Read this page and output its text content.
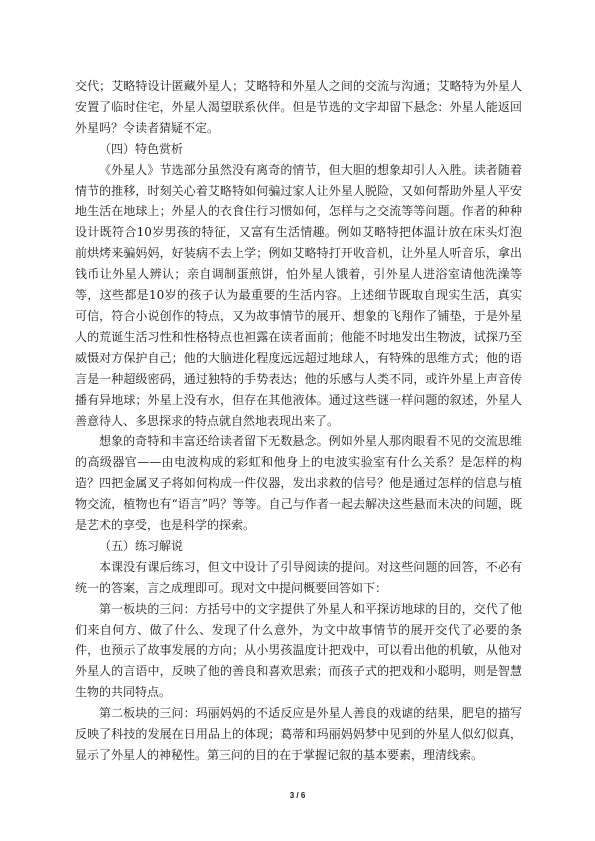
交代；艾略特设计匿藏外星人；艾略特和外星人之间的交流与沟通；艾略特为外星人安置了临时住宅，外星人渴望联系伙伴。但是节选的文字却留下悬念：外星人能返回外星吗？令读者猜疑不定。

（四）特色赏析

《外星人》节选部分虽然没有离奇的情节，但大胆的想象却引人入胜。读者随着情节的推移，时刻关心着艾略特如何骗过家人让外星人脱险，又如何帮助外星人平安地生活在地球上；外星人的衣食住行习惯如何，怎样与之交流等等问题。作者的种种设计既符合10岁男孩的特征，又富有生活情趣。例如艾略特把体温计放在床头灯泡前烘烤来骗妈妈，好装病不去上学；例如艾略特打开收音机，让外星人听音乐，拿出钱币让外星人辨认；亲自调制蛋煎饼，怕外星人饿着，引外星人进浴室请他洗澡等等，这些都是10岁的孩子认为最重要的生活内容。上述细节既取自现实生活，真实可信，符合小说创作的特点，又为故事情节的展开、想象的飞翔作了铺垫，于是外星人的荒诞生活习性和性格特点也袒露在读者面前；他能不时地发出生物波，试探乃至威慑对方保护自己；他的大脑进化程度远远超过地球人，有特殊的思维方式；他的语言是一种超级密码，通过独特的手势表达；他的乐感与人类不同，或许外星上声音传播有异地球；外星上没有水，但存在其他液体。通过这些谜一样问题的叙述，外星人善意待人、多思探求的特点就自然地表现出来了。

想象的奇特和丰富还给读者留下无数悬念。例如外星人那肉眼看不见的交流思维的高级器官——由电波构成的彩虹和他身上的电波实验室有什么关系？是怎样的构造？四把金属叉子将如何构成一件仪器，发出求救的信号？他是通过怎样的信息与植物交流，植物也有“语言”吗？等等。自己与作者一起去解决这些悬而未决的问题，既是艺术的享受，也是科学的探索。

（五）练习解说

本课没有课后练习，但文中设计了引导阅读的提问。对这些问题的回答，不必有统一的答案，言之成理即可。现对文中提问概要回答如下：

第一板块的三问：方括号中的文字提供了外星人和平探访地球的目的，交代了他们来自何方、做了什么、发现了什么意外，为文中故事情节的展开交代了必要的条件，也预示了故事发展的方向；从小男孩温度计把戏中，可以看出他的机敏，从他对外星人的言语中，反映了他的善良和喜欢思索；而孩子式的把戏和小聪明，则是智慧生物的共同特点。

第二板块的三问：玛丽妈妈的不适反应是外星人善良的戏谑的结果，肥皂的描写反映了科技的发展在日用品上的体现；葛蒂和玛丽妈妈梦中见到的外星人似幻似真，显示了外星人的神秘性。第三问的目的在于掌握记叙的基本要素，理清线索。

3 / 6
